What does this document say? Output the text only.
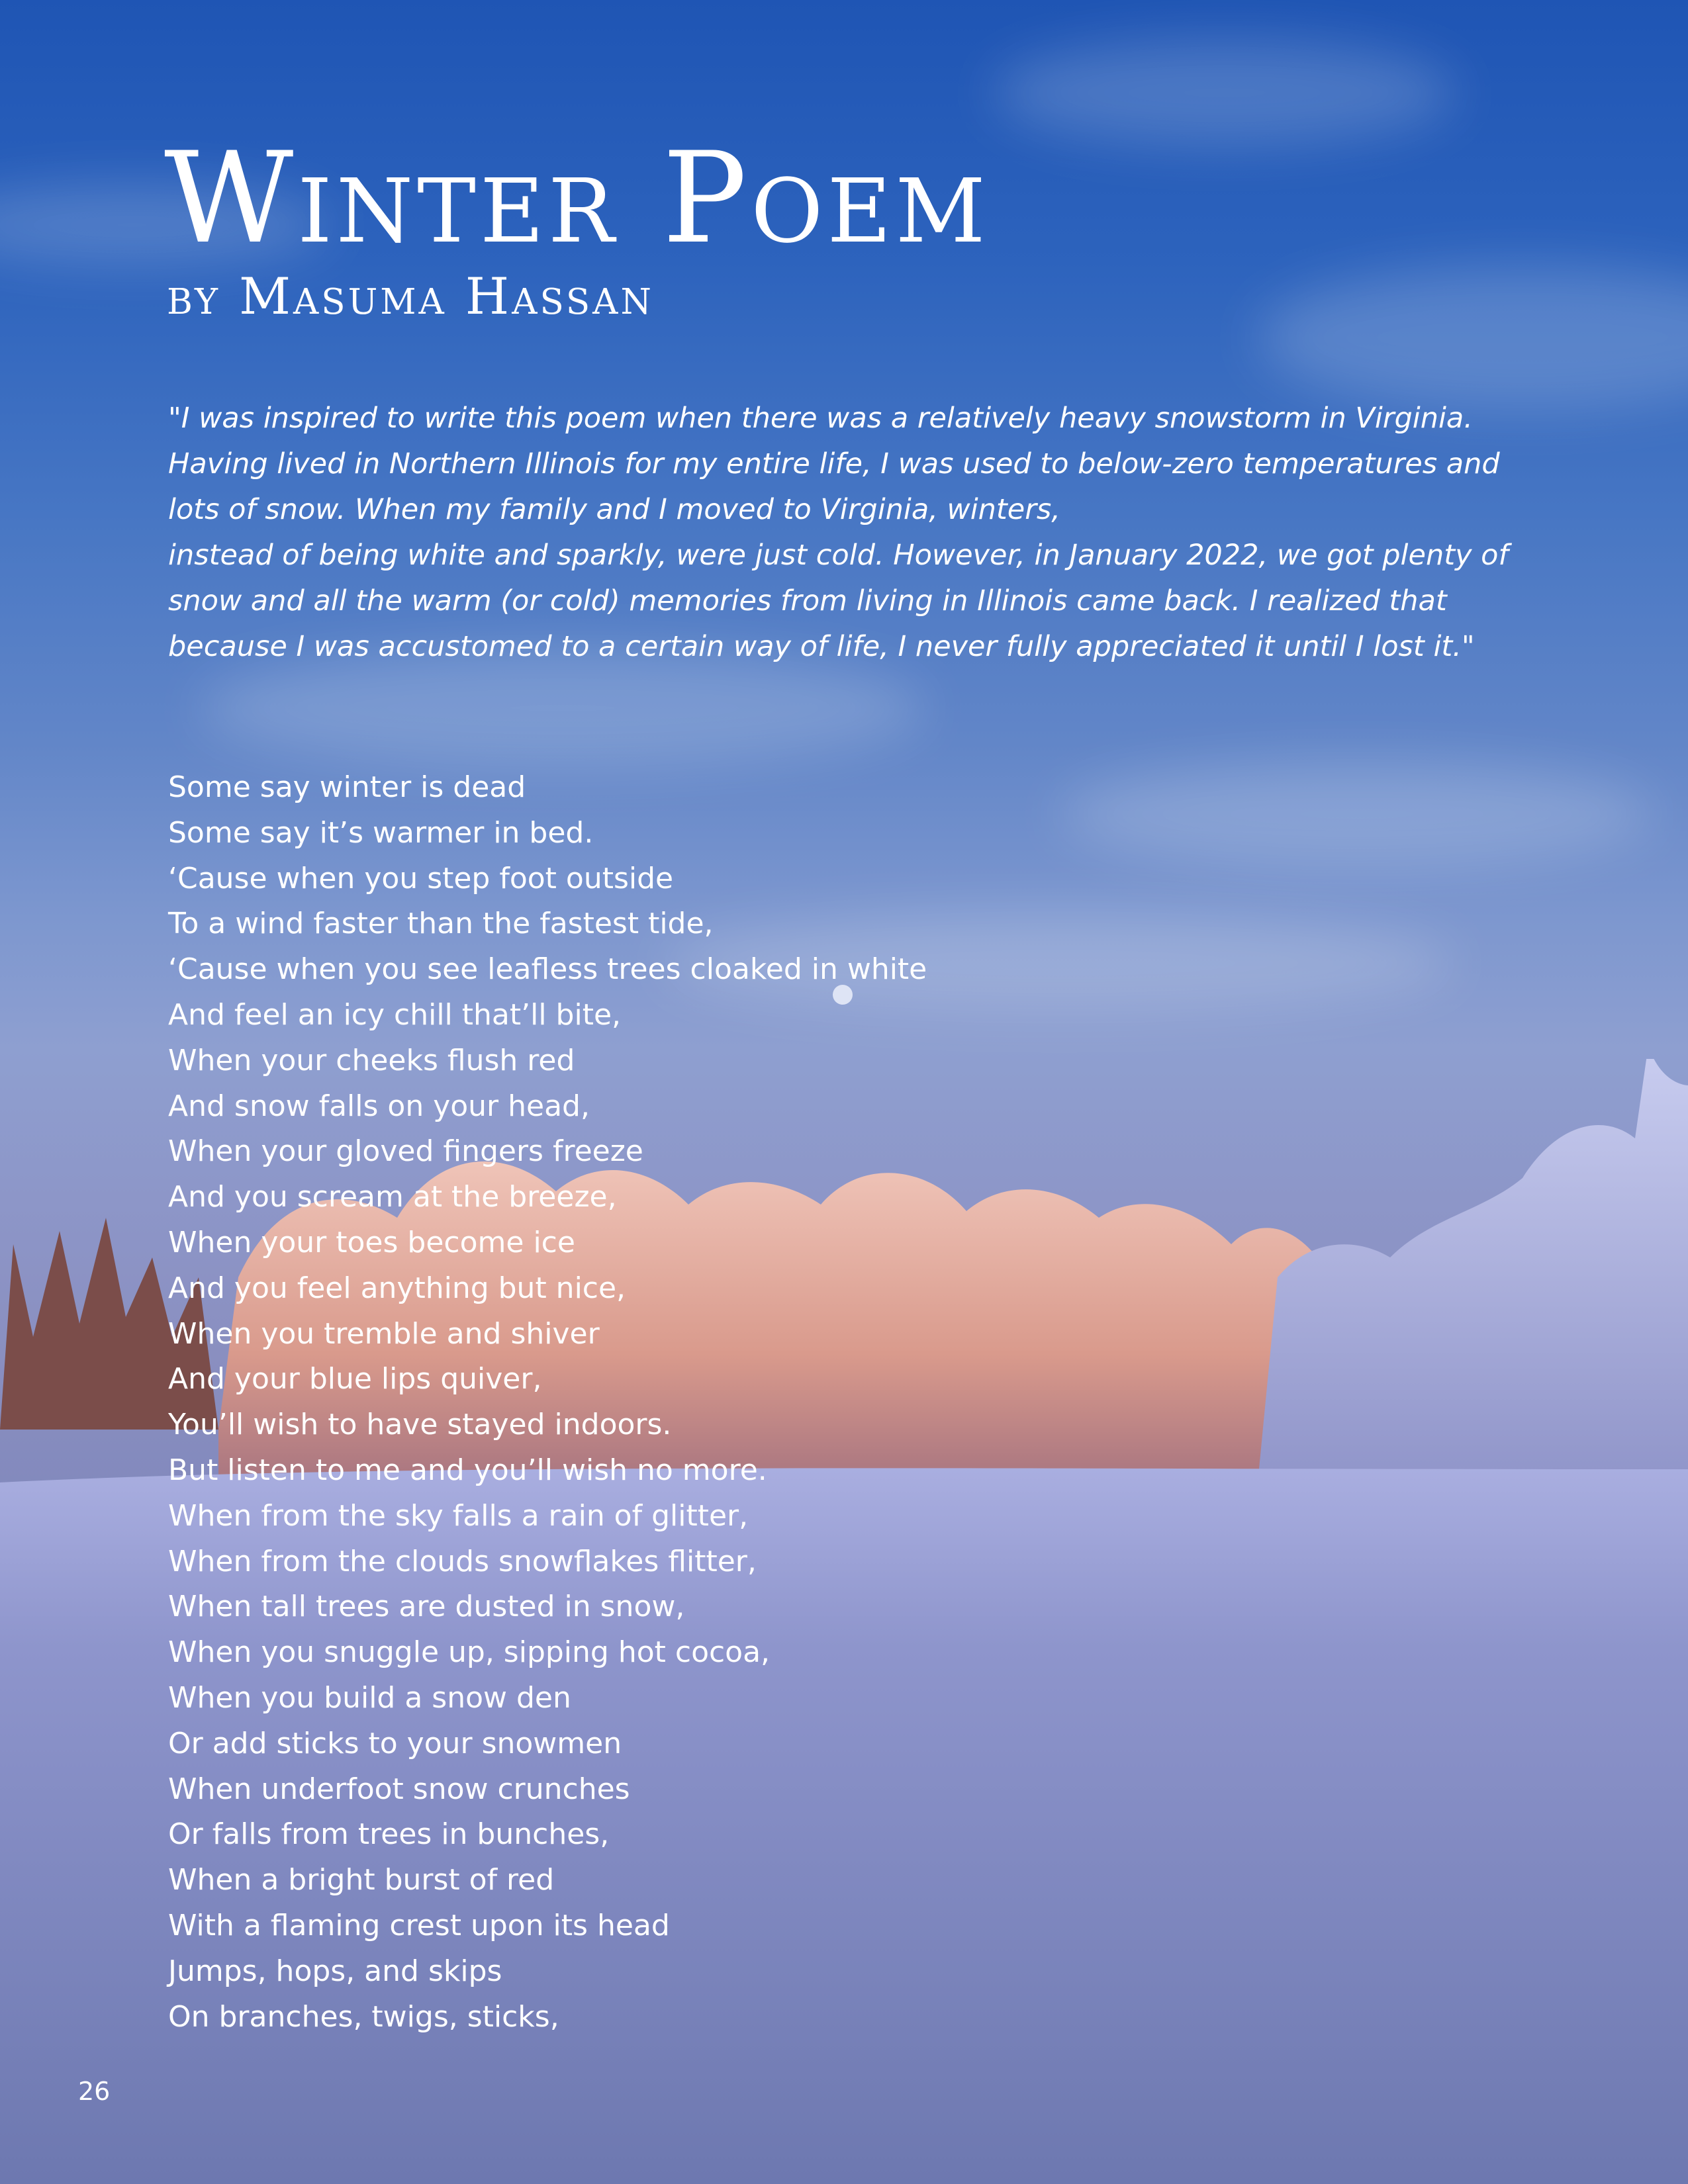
Winter Poem
by Masuma Hassan
"I was inspired to write this poem when there was a relatively heavy snowstorm in Virginia.
Having lived in Northern Illinois for my entire life, I was used to below-zero temperatures and
lots of snow. When my family and I moved to Virginia, winters,
instead of being white and sparkly, were just cold. However, in January 2022, we got plenty of
snow and all the warm (or cold) memories from living in Illinois came back. I realized that
because I was accustomed to a certain way of life, I never fully appreciated it until I lost it."
Some say winter is dead
Some say it’s warmer in bed.
‘Cause when you step foot outside
To a wind faster than the fastest tide,
‘Cause when you see leafless trees cloaked in white
And feel an icy chill that’ll bite,
When your cheeks flush red
And snow falls on your head,
When your gloved fingers freeze
And you scream at the breeze,
When your toes become ice
And you feel anything but nice,
When you tremble and shiver
And your blue lips quiver,
You’ll wish to have stayed indoors.
But listen to me and you’ll wish no more.
When from the sky falls a rain of glitter,
When from the clouds snowflakes flitter,
When tall trees are dusted in snow,
When you snuggle up, sipping hot cocoa,
When you build a snow den
Or add sticks to your snowmen
When underfoot snow crunches
Or falls from trees in bunches,
When a bright burst of red
With a flaming crest upon its head
Jumps, hops, and skips
On branches, twigs, sticks,
26
